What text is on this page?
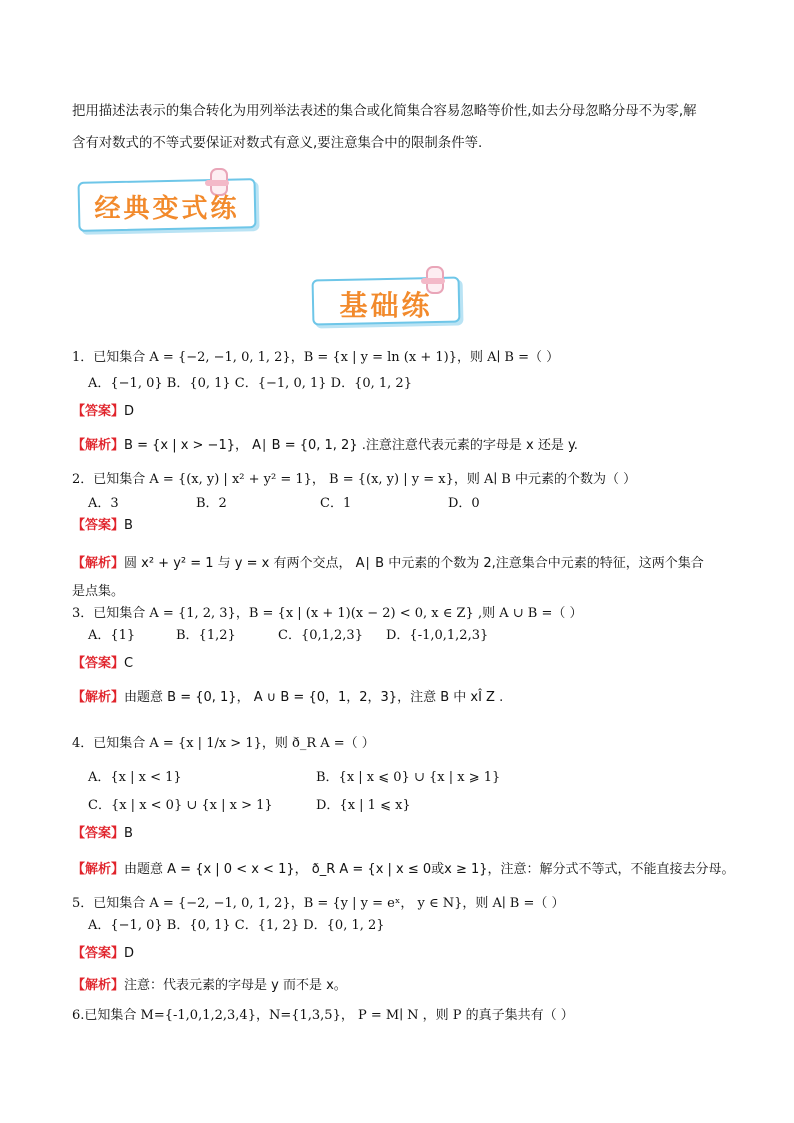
把用描述法表示的集合转化为用列举法表述的集合或化简集合容易忽略等价性,如去分母忽略分母不为零,解

含有对数式的不等式要保证对数式有意义,要注意集合中的限制条件等.

经典变式练
基础练
1．已知集合 A = {−2, −1, 0, 1, 2}，B = {x | y = ln (x + 1)}，则 A∣ B =（ ）
A．{−1, 0} B．{0, 1} C．{−1, 0, 1} D．{0, 1, 2}
【答案】D
【解析】B = {x | x > −1}， A∣ B = {0, 1, 2} .注意注意代表元素的字母是 x 还是 y.
2．已知集合 A = {(x, y) | x² + y² = 1}， B = {(x, y) | y = x}，则 A∣ B 中元素的个数为（ ）
A．3	B．2	C．1	D．0
【答案】B
【解析】圆 x² + y² = 1 与 y = x 有两个交点， A∣ B 中元素的个数为 2,注意集合中元素的特征，这两个集合
是点集。
3．已知集合 A = {1, 2, 3}，B = {x | (x + 1)(x − 2) < 0, x ∈ Z} ,则 A ∪ B =（ ）
A．{1}	B．{1,2}	C．{0,1,2,3} D．{-1,0,1,2,3}
【答案】C
【解析】由题意 B = {0, 1}， A ∪ B = {0，1，2，3}，注意 B 中 xÎ Z .
4．已知集合 A = {x | 1/x > 1}，则 ð_R A =（ ）
A．{x | x < 1}	B．{x | x ⩽ 0} ∪ {x | x ⩾ 1}
C．{x | x < 0} ∪ {x | x > 1}	D．{x | 1 ⩽ x}
【答案】B
【解析】由题意 A = {x | 0 < x < 1}， ð_R A = {x | x ≤ 0或x ≥ 1}，注意：解分式不等式，不能直接去分母。
5．已知集合 A = {−2, −1, 0, 1, 2}，B = {y | y = eˣ， y ∈ N}，则 A∣ B =（ ）
A．{−1, 0} B．{0, 1} C．{1, 2} D．{0, 1, 2}
【答案】D
【解析】注意：代表元素的字母是 y 而不是 x。
6.已知集合 M={-1,0,1,2,3,4}，N={1,3,5}， P = M∣ N ，则 P 的真子集共有（ ）
